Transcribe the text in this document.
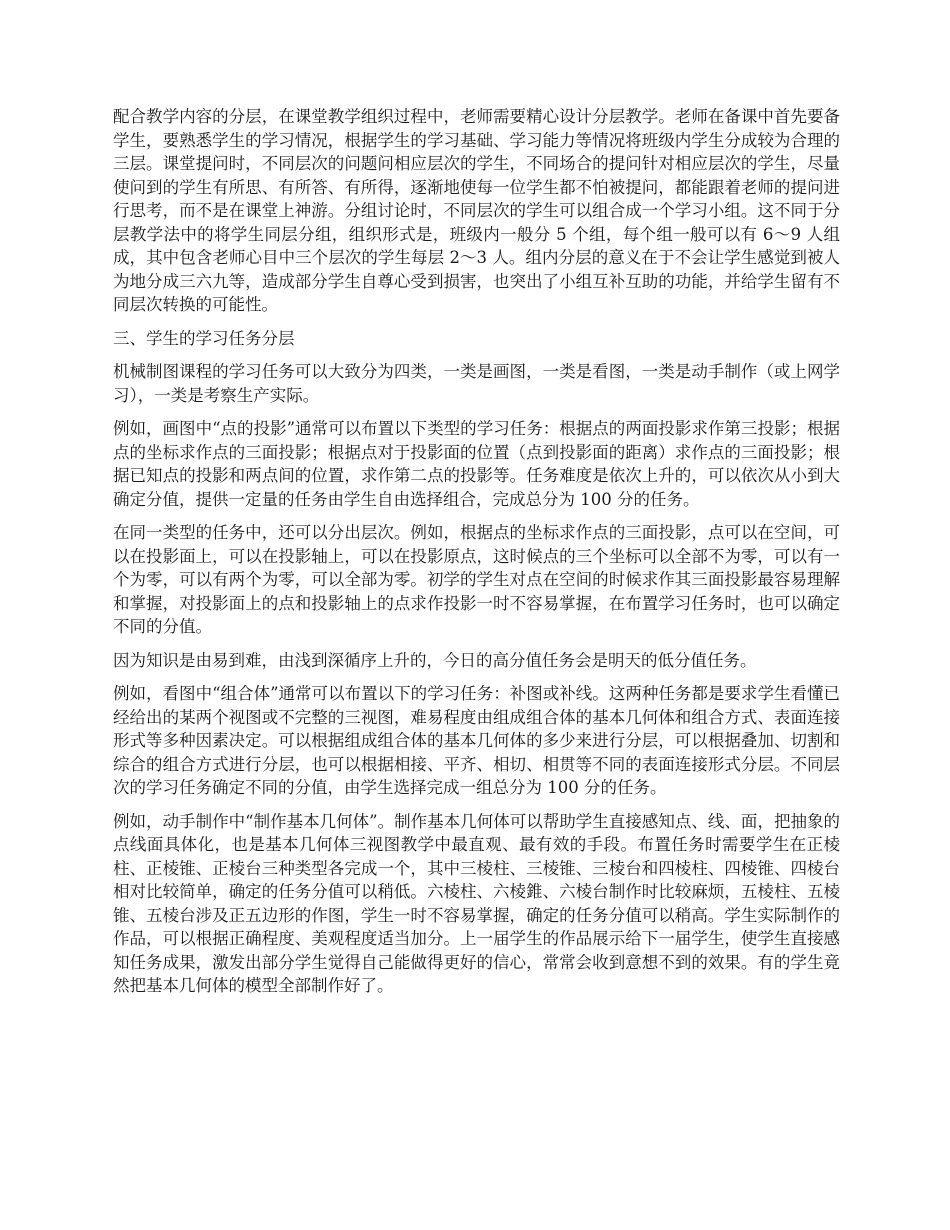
配合教学内容的分层，在课堂教学组织过程中，老师需要精心设计分层教学。老师在备课中首先要备学生，要熟悉学生的学习情况，根据学生的学习基础、学习能力等情况将班级内学生分成较为合理的三层。课堂提问时，不同层次的问题问相应层次的学生，不同场合的提问针对相应层次的学生，尽量使问到的学生有所思、有所答、有所得，逐渐地使每一位学生都不怕被提问，都能跟着老师的提问进行思考，而不是在课堂上神游。分组讨论时，不同层次的学生可以组合成一个学习小组。这不同于分层教学法中的将学生同层分组，组织形式是，班级内一般分 5 个组，每个组一般可以有 6～9 人组成，其中包含老师心目中三个层次的学生每层 2～3 人。组内分层的意义在于不会让学生感觉到被人为地分成三六九等，造成部分学生自尊心受到损害，也突出了小组互补互助的功能，并给学生留有不同层次转换的可能性。

三、学生的学习任务分层

机械制图课程的学习任务可以大致分为四类，一类是画图，一类是看图，一类是动手制作（或上网学习），一类是考察生产实际。

例如，画图中“点的投影”通常可以布置以下类型的学习任务：根据点的两面投影求作第三投影；根据点的坐标求作点的三面投影；根据点对于投影面的位置（点到投影面的距离）求作点的三面投影；根据已知点的投影和两点间的位置，求作第二点的投影等。任务难度是依次上升的，可以依次从小到大确定分值，提供一定量的任务由学生自由选择组合，完成总分为 100 分的任务。

在同一类型的任务中，还可以分出层次。例如，根据点的坐标求作点的三面投影，点可以在空间，可以在投影面上，可以在投影轴上，可以在投影原点，这时候点的三个坐标可以全部不为零，可以有一个为零，可以有两个为零，可以全部为零。初学的学生对点在空间的时候求作其三面投影最容易理解和掌握，对投影面上的点和投影轴上的点求作投影一时不容易掌握，在布置学习任务时，也可以确定不同的分值。

因为知识是由易到难，由浅到深循序上升的，今日的高分值任务会是明天的低分值任务。

例如，看图中“组合体”通常可以布置以下的学习任务：补图或补线。这两种任务都是要求学生看懂已经给出的某两个视图或不完整的三视图，难易程度由组成组合体的基本几何体和组合方式、表面连接形式等多种因素决定。可以根据组成组合体的基本几何体的多少来进行分层，可以根据叠加、切割和综合的组合方式进行分层，也可以根据相接、平齐、相切、相贯等不同的表面连接形式分层。不同层次的学习任务确定不同的分值，由学生选择完成一组总分为 100 分的任务。

例如，动手制作中“制作基本几何体”。制作基本几何体可以帮助学生直接感知点、线、面，把抽象的点线面具体化，也是基本几何体三视图教学中最直观、最有效的手段。布置任务时需要学生在正棱柱、正棱锥、正棱台三种类型各完成一个，其中三棱柱、三棱锥、三棱台和四棱柱、四棱锥、四棱台相对比较简单，确定的任务分值可以稍低。六棱柱、六棱錐、六棱台制作时比较麻烦，五棱柱、五棱锥、五棱台涉及正五边形的作图，学生一时不容易掌握，确定的任务分值可以稍高。学生实际制作的作品，可以根据正确程度、美观程度适当加分。上一届学生的作品展示给下一届学生，使学生直接感知任务成果，激发出部分学生觉得自己能做得更好的信心，常常会收到意想不到的效果。有的学生竟然把基本几何体的模型全部制作好了。
